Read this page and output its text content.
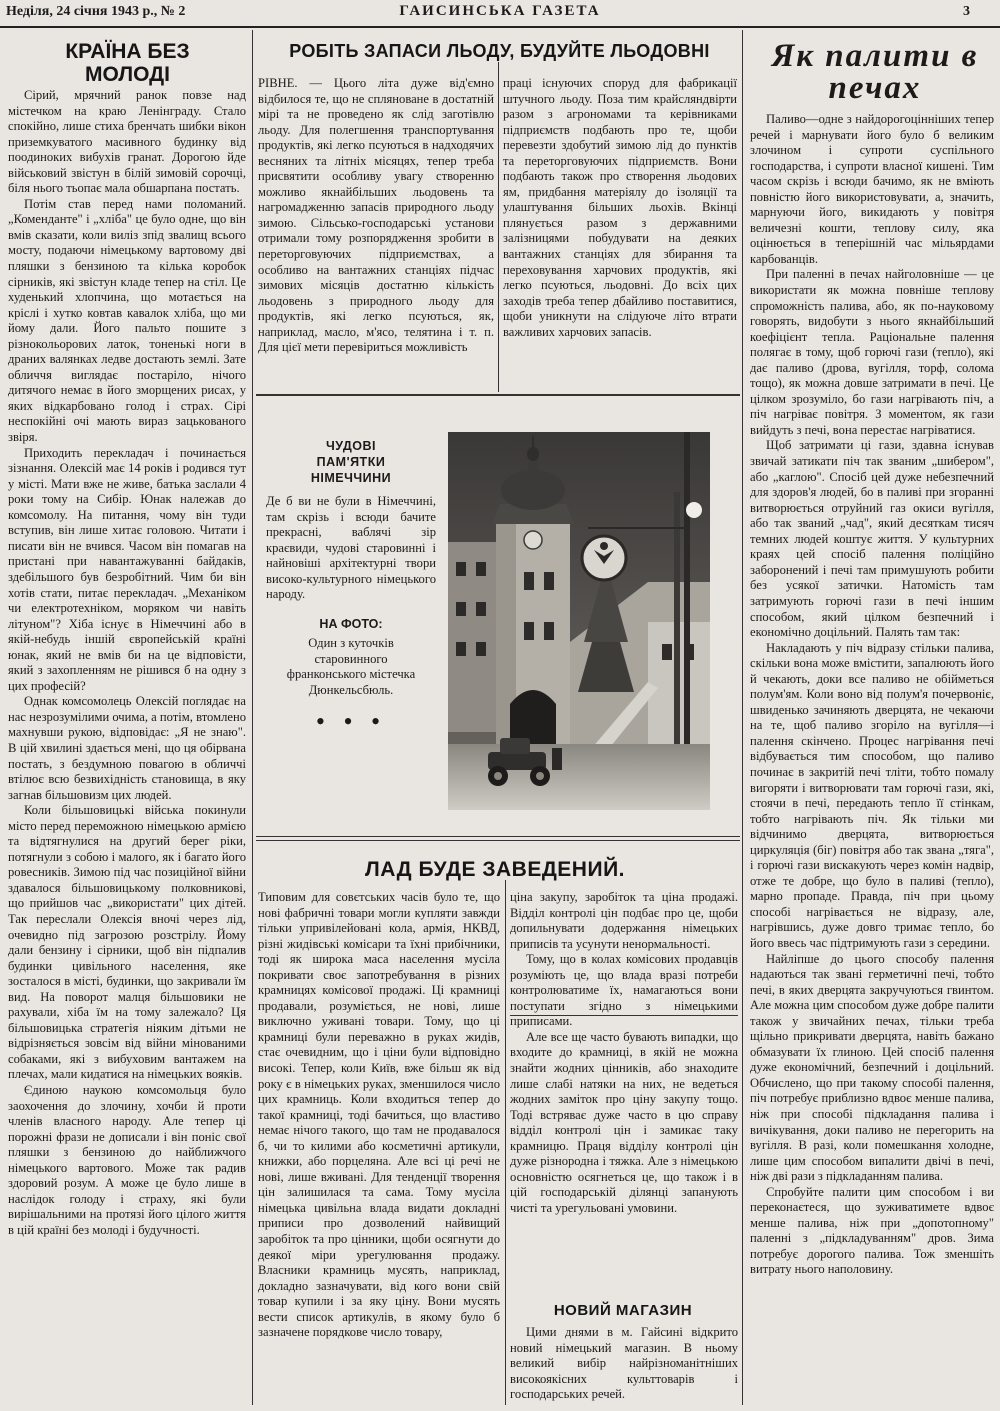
Неділя, 24 січня 1943 р., № 2	ГАИСИНСЬКА ГАЗЕТА	3
КРАЇНА БЕЗ МОЛОДІ

Сірий, мрячний ранок повзе над містечком на краю Ленінграду. Стало спокійно, лише стиха бренчать шибки вікон приземкуватого масивного будинку від поодиноких вибухів гранат. Дорогою йде військовий звістун в білій зимовій сорочці, біля нього тьопає мала обшарпана постать.

Потім став перед нами поломаний. „Коменданте" і „хліба" це було одне, що він вмів сказати, коли виліз зпід звалищ всього мосту, подаючи німецькому вартовому дві пляшки з бензиною та кілька коробок сірників, які звістун кладе тепер на стіл. Це худенький хлопчина, що мотається на кріслі і хутко ковтав кавалок хліба, що ми йому дали. Його пальто пошите з різнокольорових латок, тоненькі ноги в драних валянках ледве достають землі. Зате обличчя виглядає постаріло, нічого дитячого немає в його зморщених рисах, у яких відкарбовано голод і страх. Сірі неспокійні очі мають вираз зацькованого звіря.

Приходить перекладач і починається зізнання. Олексій має 14 років і родився тут у місті. Мати вже не живе, батька заслали 4 роки тому на Сибір. Юнак належав до комсомолу. На питання, чому він туди вступив, він лише хитає головою. Читати і писати він не вчився. Часом він помагав на пристані при навантажуванні байдаків, здебільшого був безробітний. Чим би він хотів стати, питає перекладач. „Механіком чи електротехніком, моряком чи навіть літуном"? Хіба існує в Німеччині або в якій-небудь іншій європейській країні юнак, який не вмів би на це відповісти, який з захопленням не рішився б на одну з цих професій?

Однак комсомолець Олексій поглядає на нас незрозумілими очима, а потім, втомлено махнувши рукою, відповідає: „Я не знаю". В цій хвилині здається мені, що ця обірвана постать, з бездумною повагою в обличчі втілює всю безвихідність становища, в яку загнав більшовизм цих людей.

Коли більшовицькі війська покинули місто перед переможною німецькою армією та відтягнулися на другий берег ріки, потягнули з собою і малого, як і багато його ровесників. Зимою під час позиційної війни здавалося більшовицькому полковникові, що прийшов час „використати" цих дітей. Так переслали Олексія вночі через лід, очевидно під загрозою розстрілу. Йому дали бензину і сірники, щоб він підпалив будинки цивільного населення, яке зосталося в місті, будинки, що закривали їм вид. На поворот малця більшовики не рахували, хіба їм на тому залежало? Ця більшовицька стратегія ніяким дітьми не відрізняється зовсім від війни мінованими собаками, які з вибуховим вантажем на плечах, мали кидатися на німецьких вояків.

Єдиною наукою комсомольця було заохочення до злочину, хочби й проти членів власного народу. Але тепер ці порожні фрази не дописали і він поніс свої пляшки з бензиною до найближчого німецького вартового. Може так радив здоровий розум. А може це було лише в наслідок голоду і страху, які були вирішальними на протязі його цілого життя в цій країні без молоді і будучності.

РОБІТЬ ЗАПАСИ ЛЬОДУ, БУДУЙТЕ ЛЬОДОВНІ
РІВНЕ. — Цього літа дуже від'ємно відбилося те, що не спляноване в достатній мірі та не проведено як слід заготівлю льоду. Для полегшення транспортування продуктів, які легко псуються в надходячих весняних та літніх місяцях, тепер треба присвятити особливу увагу створенню можливо якнайбільших льодовень та нагромадженню запасів природного льоду зимою. Сільсько-господарські установи отримали тому розпорядження зробити в переторговуючих підприємствах, а особливо на вантажних станціях підчас зимових місяців достатню кількість льодовень з природного льоду для продуктів, які легко псуються, як, наприклад, масло, м'ясо, телятина і т. п. Для цієї мети перевіриться можливість
праці існуючих споруд для фабрикації штучного льоду. Поза тим крайсляндвірти разом з агрономами та керівниками підприємств подбають про те, щоби перевезти здобутий зимою лід до пунктів та переторговуючих підприємств. Вони подбають також про створення льодових ям, придбання матеріялу до ізоляції та улаштування більших льохів. Вкінці плянується разом з державними залізницями побудувати на деяких вантажних станціях для збирання та переховування харчових продуктів, які легко псуються, льодовні. До всіх цих заходів треба тепер дбайливо поставитися, щоби уникнути на слідуюче літо втрати важливих харчових запасів.
ЧУДОВІ ПАМ'ЯТКИ НІМЕЧЧИНИ
Де б ви не були в Німеччині, там скрізь і всюди бачите прекрасні, ваблячі зір краєвиди, чудові старовинні і найновіші архітектурні твори високо-культурного німецького народу.
НА ФОТО:
Один з куточків старовинного франконського містечка Дюнкельсбюль.
• • •
ЛАД БУДЕ ЗАВЕДЕНИЙ.
Типовим для совєтських часів було те, що нові фабричні товари могли купляти завжди тільки упривілейовані кола, армія, НКВД, різні жидівські комісари та їхні прибічники, тоді як широка маса населення мусіла покривати своє запотребування в різних крамницях комісової продажі. Ці крамниці продавали, розуміється, не нові, лише виключно уживані товари. Тому, що ці крамниці були переважно в руках жидів, стає очевидним, що і ціни були відповідно високі. Тепер, коли Київ, вже більш як від року є в німецьких руках, зменшилося число цих крамниць. Коли входиться тепер до такої крамниці, тоді бачиться, що властиво немає нічого такого, що там не продавалося б, чи то килими або косметичні артикули, книжки, або порцеляна. Але всі ці речі не нові, лише вживані. Для тенденції творення цін залишилася та сама. Тому мусіла німецька цивільна влада видати докладні приписи про дозволений найвищий заробіток та про цінники, щоби осягнути до деякої міри урегулювання продажу. Власники крамниць мусять, наприклад, докладно зазначувати, від кого вони свій товар купили і за яку ціну. Вони мусять вести список артикулів, в якому було б зазначене порядкове число товару,

ціна закупу, заробіток та ціна продажі. Відділ контролі цін подбає про це, щоби допильнувати додержання німецьких приписів та усунути ненормальності.

Тому, що в колах комісових продавців розуміють це, що влада вразі потреби контролюватиме їх, намагаються вони поступати згідно з німецькими приписами.

Але все ще часто бувають випадки, що входите до крамниці, в якій не можна знайти жодних цінників, або знаходите лише слабі натяки на них, не ведеться жодних заміток про ціну закупу тощо. Тоді встряває дуже часто в цю справу відділ контролі цін і замикає таку крамницю. Праця відділу контролі цін дуже різнородна і тяжка. Але з німецькою основністю осягнеться це, що також і в цій господарській ділянці запанують чисті та урегульовані умовини.

НОВИЙ МАГАЗИН

Цими днями в м. Гайсині відкрито новий німецький магазин. В ньому великий вибір найрізноманітніших високоякісних культтоварів і господарських речей.

Як палити в печах

Паливо—одне з найдорогоцінніших тепер речей і марнувати його було б великим злочином і супроти суспільного господарства, і супроти власної кишені. Тим часом скрізь і всюди бачимо, як не вміють повністю його використовувати, а, значить, марнуючи його, викидають у повітря величезні кошти, теплову силу, яка оцінюється в теперішній час мільярдами карбованців.

При паленні в печах найголовніше — це використати як можна повніше теплову спроможність палива, або, як по-науковому говорять, видобути з нього якнайбільший коефіцієнт тепла. Раціональне палення полягає в тому, щоб горючі гази (тепло), які дає паливо (дрова, вугілля, торф, солома тощо), як можна довше затримати в печі. Це цілком зрозуміло, бо гази нагрівають піч, а піч нагріває повітря. З моментом, як гази вийдуть з печі, вона перестає нагріватися.

Щоб затримати ці гази, здавна існував звичай затикати піч так званим „шибером", або „каглою". Спосіб цей дуже небезпечний для здоров'я людей, бо в паливі при згоранні витворюється отруйний газ окиси вугілля, або так званий „чад", який десяткам тисяч темних людей коштує життя. У культурних краях цей спосіб палення поліційно заборонений і печі там примушують робити без усякої затички. Натомість там затримують горючі гази в печі іншим способом, який цілком безпечний і економічно доцільний. Палять там так:

Накладають у піч відразу стільки палива, скільки вона може вмістити, запалюють його й чекають, доки все паливо не обійметься полум'ям. Коли воно від полум'я почервоніє, швиденько зачиняють дверцята, не чекаючи на те, щоб паливо згоріло на вугілля—і палення скінчено. Процес нагрівання печі відбувається тим способом, що паливо починає в закритій печі тліти, тобто помалу вигоряти і витворювати там горючі гази, які, стоячи в печі, передають тепло її стінкам, тобто нагрівають піч. Як тільки ми відчинимо дверцята, витворюється циркуляція (біг) повітря або так звана „тяга", і горючі гази вискакують через комін надвір, отже те добре, що було в паливі (тепло), марно пропаде. Правда, піч при цьому способі нагрівається не відразу, але, нагрівшись, дуже довго тримає тепло, бо його ввесь час підтримують гази з середини.

Найліпше до цього способу палення надаються так звані герметичні печі, тобто печі, в яких дверцята закручуються гвинтом. Але можна цим способом дуже добре палити також у звичайних печах, тільки треба щільно прикривати дверцята, навіть бажано обмазувати їх глиною. Цей спосіб палення дуже економічний, безпечний і доцільний. Обчислено, що при такому способі палення, піч потребує приблизно вдвоє менше палива, ніж при способі підкладання палива і вичікування, доки паливо не перегорить на вугілля. В разі, коли помешкання холодне, лише цим способом випалити двічі в печі, ніж дві рази з підкладанням палива.

Спробуйте палити цим способом і ви переконаєтеся, що зуживатимете вдвоє менше палива, ніж при „допотопному" паленні з „підкладуванням" дров. Зима потребує дорогого палива. Тож зменшіть витрату нього наполовину.
